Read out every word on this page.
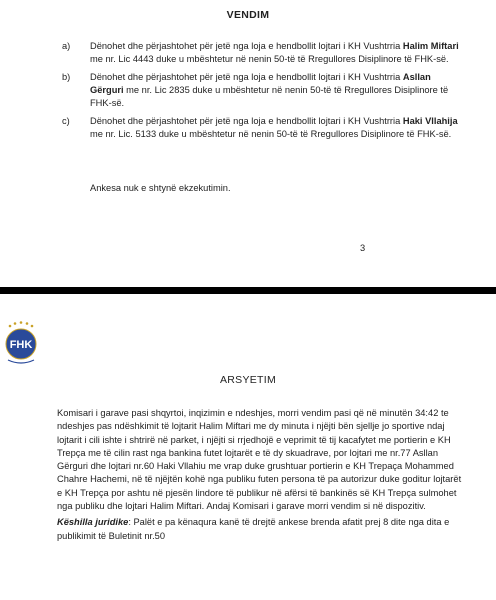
VENDIM
a) Dënohet dhe përjashtohet për jetë nga loja e hendbollit lojtari i KH Vushtrria Halim Miftari me nr. Lic 4443 duke u mbështetur në nenin 50-të të Rregullores Disiplinore të FHK-së.
b) Dënohet dhe përjashtohet për jetë nga loja e hendbollit lojtari i KH Vushtrria Asllan Gërguri me nr. Lic 2835 duke u mbështetur në nenin 50-të të Rregullores Disiplinore të FHK-së.
c) Dënohet dhe përjashtohet për jetë nga loja e hendbollit lojtari i KH Vushtrria Haki Vllahija me nr. Lic. 5133 duke u mbështetur në nenin 50-të të Rregullores Disiplinore të FHK-së.
Ankesa nuk e shtynë ekzekutimin.
3
FHK
ARSYETIM

Komisari i garave pasi shqyrtoi, inqizimin e ndeshjes, morri vendim pasi që në minutën 34:42 te ndeshjes pas ndëshkimit të lojtarit Halim Miftari me dy minuta i njëjti bën sjellje jo sportive ndaj lojtarit i cili ishte i shtrirë në parket, i njëjti si rrjedhojë e veprimit të tij kacafytet me portierin e KH Trepça me të cilin rast nga bankina futet lojtarët e të dy skuadrave, por lojtari me nr.77 Asllan Gërguri dhe lojtari nr.60 Haki Vllahiu me vrap duke grushtuar portierin e KH Trepaça Mohammed Chahre Hachemi, në të njëjtën kohë nga publiku futen persona të pa autorizur duke goditur lojtarët e KH Trepça por ashtu në pjesën lindore të publikur në afërsi të bankinës së KH Trepça sulmohet nga publiku dhe lojtari Halim Miftari. Andaj Komisari i garave morri vendim si në dispozitiv.

Këshilla juridike: Palët e pa kënaqura kanë të drejtë ankese brenda afatit prej 8 dite nga dita e publikimit të Buletinit nr.50
